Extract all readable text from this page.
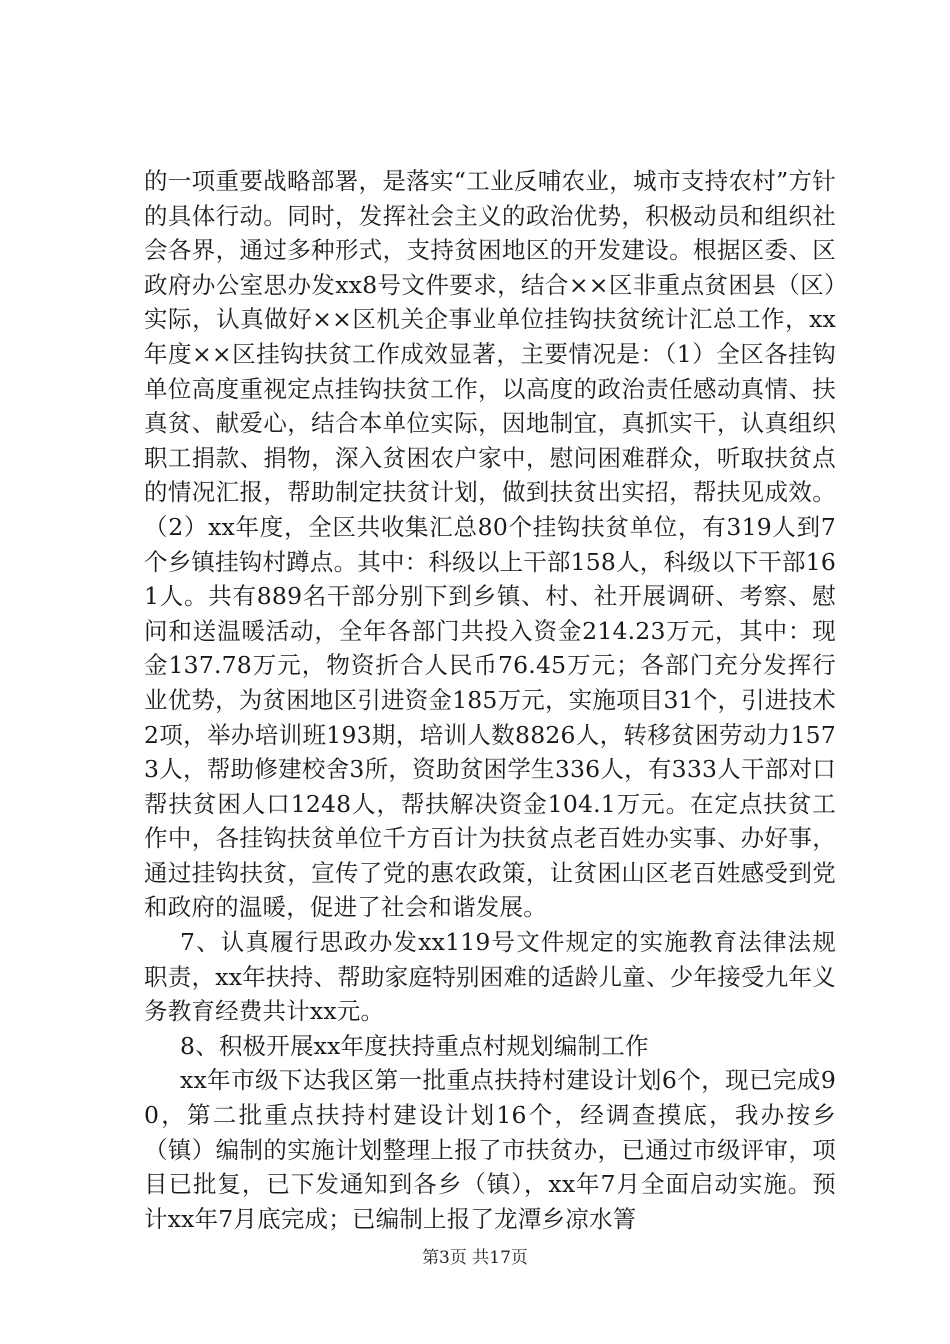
的一项重要战略部署，是落实“工业反哺农业，城市支持农村”方针的具体行动。同时，发挥社会主义的政治优势，积极动员和组织社会各界，通过多种形式，支持贫困地区的开发建设。根据区委、区政府办公室思办发xx8号文件要求，结合××区非重点贫困县（区）实际，认真做好××区机关企事业单位挂钩扶贫统计汇总工作，xx年度××区挂钩扶贫工作成效显著，主要情况是：（1）全区各挂钩单位高度重视定点挂钩扶贫工作，以高度的政治责任感动真情、扶真贫、献爱心，结合本单位实际，因地制宜，真抓实干，认真组织职工捐款、捐物，深入贫困农户家中，慰问困难群众，听取扶贫点的情况汇报，帮助制定扶贫计划，做到扶贫出实招，帮扶见成效。（2）xx年度，全区共收集汇总80个挂钩扶贫单位，有319人到7个乡镇挂钩村蹲点。其中：科级以上干部158人，科级以下干部161人。共有889名干部分别下到乡镇、村、社开展调研、考察、慰问和送温暖活动，全年各部门共投入资金214.23万元，其中：现金137.78万元，物资折合人民币76.45万元；各部门充分发挥行业优势，为贫困地区引进资金185万元，实施项目31个，引进技术2项，举办培训班193期，培训人数8826人，转移贫困劳动力1573人，帮助修建校舍3所，资助贫困学生336人，有333人干部对口帮扶贫困人口1248人，帮扶解决资金104.1万元。在定点扶贫工作中，各挂钩扶贫单位千方百计为扶贫点老百姓办实事、办好事，通过挂钩扶贫，宣传了党的惠农政策，让贫困山区老百姓感受到党和政府的温暖，促进了社会和谐发展。

7、认真履行思政办发xx119号文件规定的实施教育法律法规职责，xx年扶持、帮助家庭特别困难的适龄儿童、少年接受九年义务教育经费共计xx元。

8、积极开展xx年度扶持重点村规划编制工作

xx年市级下达我区第一批重点扶持村建设计划6个，现已完成90，第二批重点扶持村建设计划16个，经调查摸底，我办按乡（镇）编制的实施计划整理上报了市扶贫办，已通过市级评审，项目已批复，已下发通知到各乡（镇），xx年7月全面启动实施。预计xx年7月底完成；已编制上报了龙潭乡凉水箐

第3页 共17页
